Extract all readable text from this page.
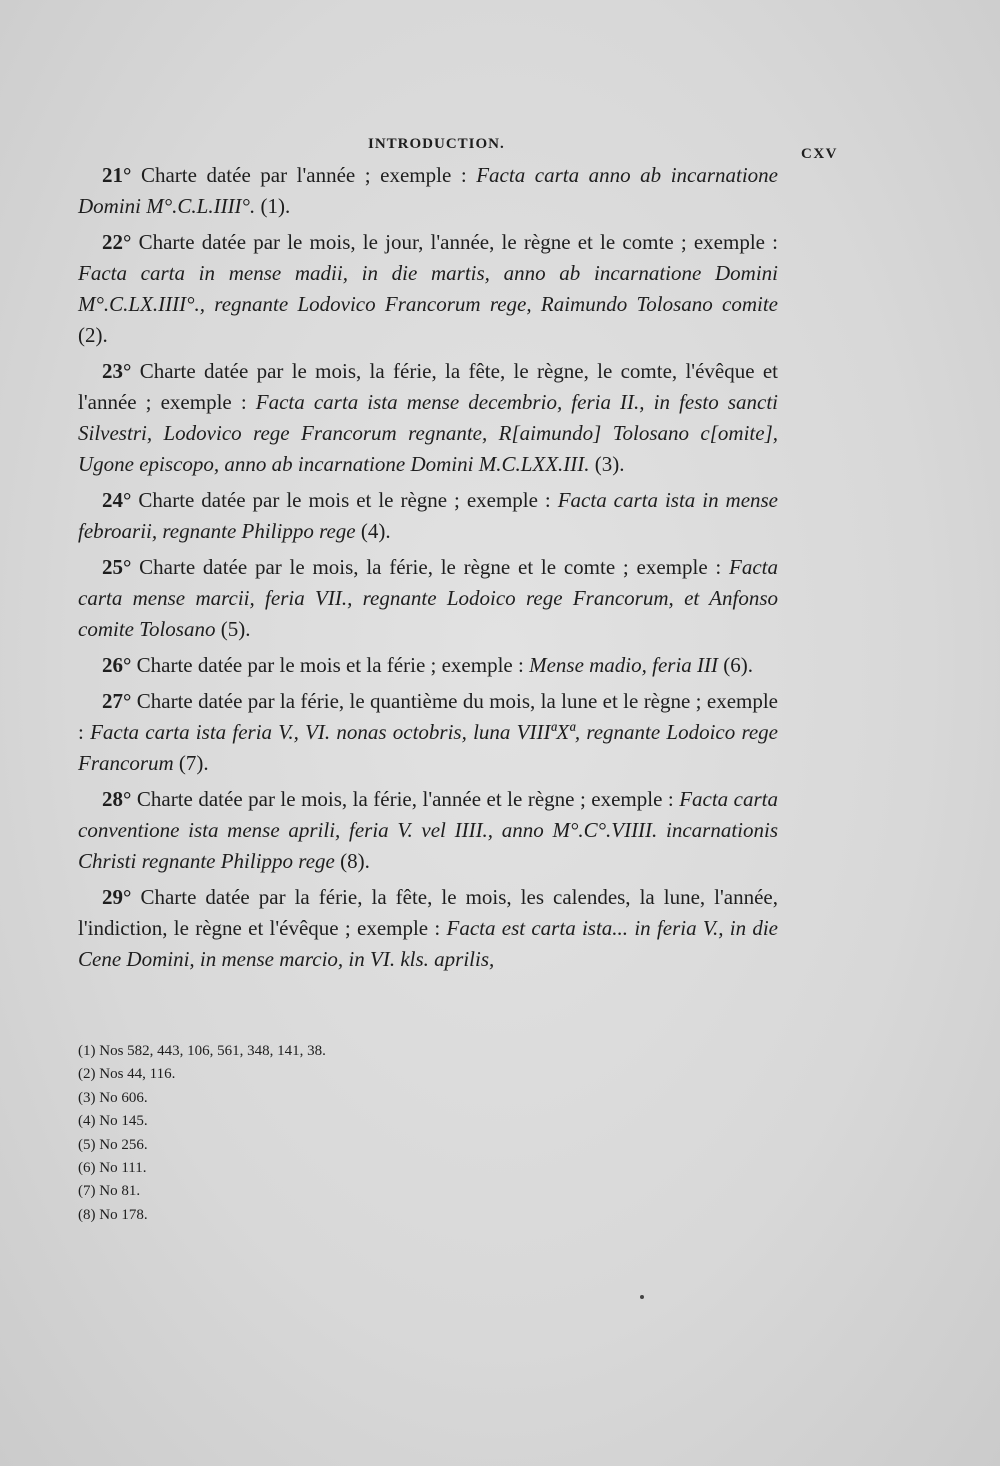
INTRODUCTION.
CXV

21° Charte datée par l'année ; exemple : Facta carta anno ab incarnatione Domini M°.C.L.IIII°. (1).

22° Charte datée par le mois, le jour, l'année, le règne et le comte ; exemple : Facta carta in mense madii, in die martis, anno ab incarnatione Domini M°.C.LX.IIII°., regnante Lodovico Francorum rege, Raimundo Tolosano comite (2).

23° Charte datée par le mois, la férie, la fête, le règne, le comte, l'évêque et l'année ; exemple : Facta carta ista mense decembrio, feria II., in festo sancti Silvestri, Lodovico rege Francorum regnante, R[aimundo] Tolosano c[omite], Ugone episcopo, anno ab incarnatione Domini M.C.LXX.III. (3).

24° Charte datée par le mois et le règne ; exemple : Facta carta ista in mense febroarii, regnante Philippo rege (4).

25° Charte datée par le mois, la férie, le règne et le comte ; exemple : Facta carta mense marcii, feria VII., regnante Lodoico rege Francorum, et Anfonso comite Tolosano (5).

26° Charte datée par le mois et la férie ; exemple : Mense madio, feria III (6).

27° Charte datée par la férie, le quantième du mois, la lune et le règne ; exemple : Facta carta ista feria V., VI. nonas octobris, luna VIIIªXª, regnante Lodoico rege Francorum (7).

28° Charte datée par le mois, la férie, l'année et le règne ; exemple : Facta carta conventione ista mense aprili, feria V. vel IIII., anno M°.C°.VIIII. incarnationis Christi regnante Philippo rege (8).

29° Charte datée par la férie, la fête, le mois, les calendes, la lune, l'année, l'indiction, le règne et l'évêque ; exemple : Facta est carta ista... in feria V., in die Cene Domini, in mense marcio, in VI. kls. aprilis,

(1) Nos 582, 443, 106, 561, 348, 141, 38.
(2) Nos 44, 116.
(3) No 606.
(4) No 145.
(5) No 256.
(6) No 111.
(7) No 81.
(8) No 178.
